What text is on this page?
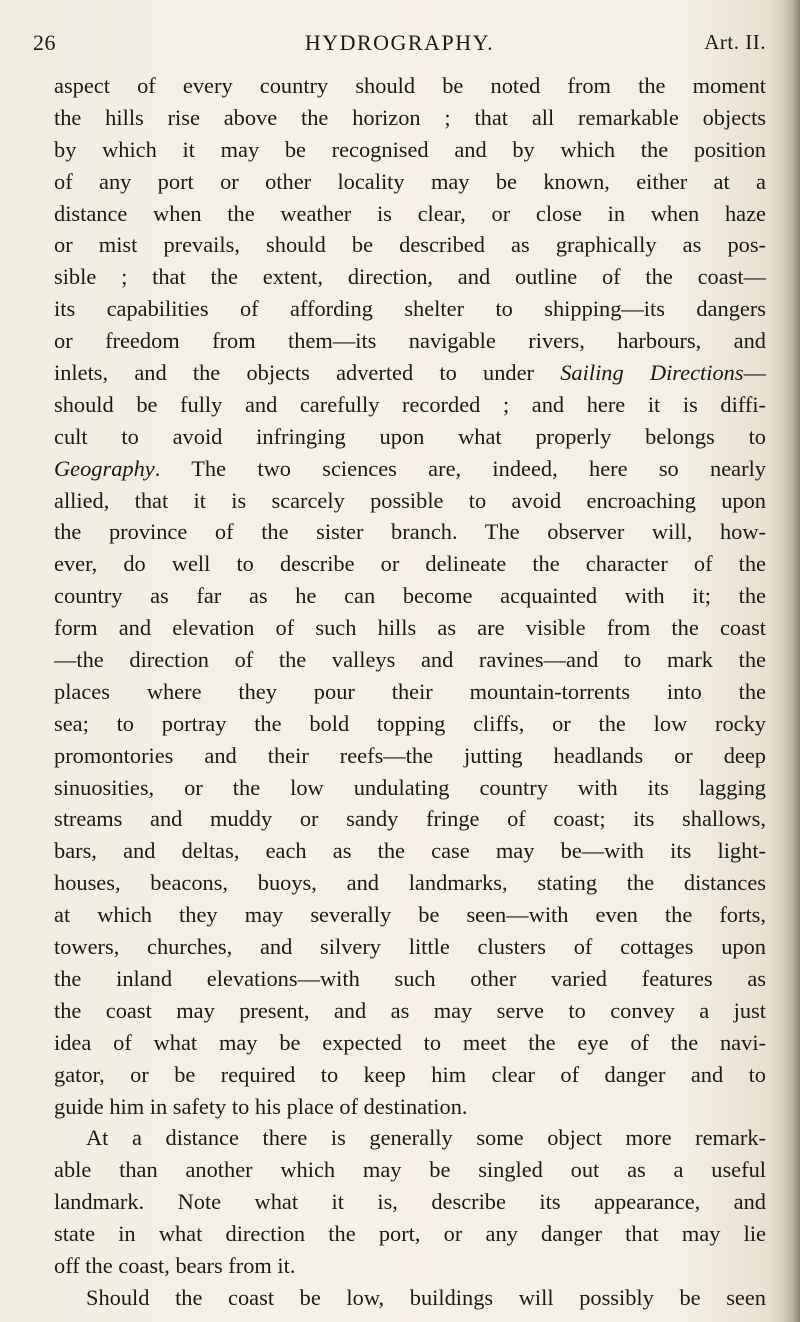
26	HYDROGRAPHY.	Art. II.
aspect of every country should be noted from the moment
the hills rise above the horizon ; that all remarkable objects
by which it may be recognised and by which the position
of any port or other locality may be known, either at a
distance when the weather is clear, or close in when haze
or mist prevails, should be described as graphically as pos-
sible ; that the extent, direction, and outline of the coast—
its capabilities of affording shelter to shipping—its dangers
or freedom from them—its navigable rivers, harbours, and
inlets, and the objects adverted to under Sailing Directions—
should be fully and carefully recorded ; and here it is diffi-
cult to avoid infringing upon what properly belongs to
Geography. The two sciences are, indeed, here so nearly
allied, that it is scarcely possible to avoid encroaching upon
the province of the sister branch. The observer will, how-
ever, do well to describe or delineate the character of the
country as far as he can become acquainted with it; the
form and elevation of such hills as are visible from the coast
—the direction of the valleys and ravines—and to mark the
places where they pour their mountain-torrents into the
sea; to portray the bold topping cliffs, or the low rocky
promontories and their reefs—the jutting headlands or deep
sinuosities, or the low undulating country with its lagging
streams and muddy or sandy fringe of coast; its shallows,
bars, and deltas, each as the case may be—with its light-
houses, beacons, buoys, and landmarks, stating the distances
at which they may severally be seen—with even the forts,
towers, churches, and silvery little clusters of cottages upon
the inland elevations—with such other varied features as
the coast may present, and as may serve to convey a just
idea of what may be expected to meet the eye of the navi-
gator, or be required to keep him clear of danger and to
guide him in safety to his place of destination.
At a distance there is generally some object more remark-
able than another which may be singled out as a useful
landmark. Note what it is, describe its appearance, and
state in what direction the port, or any danger that may lie
off the coast, bears from it.
Should the coast be low, buildings will possibly be seen
